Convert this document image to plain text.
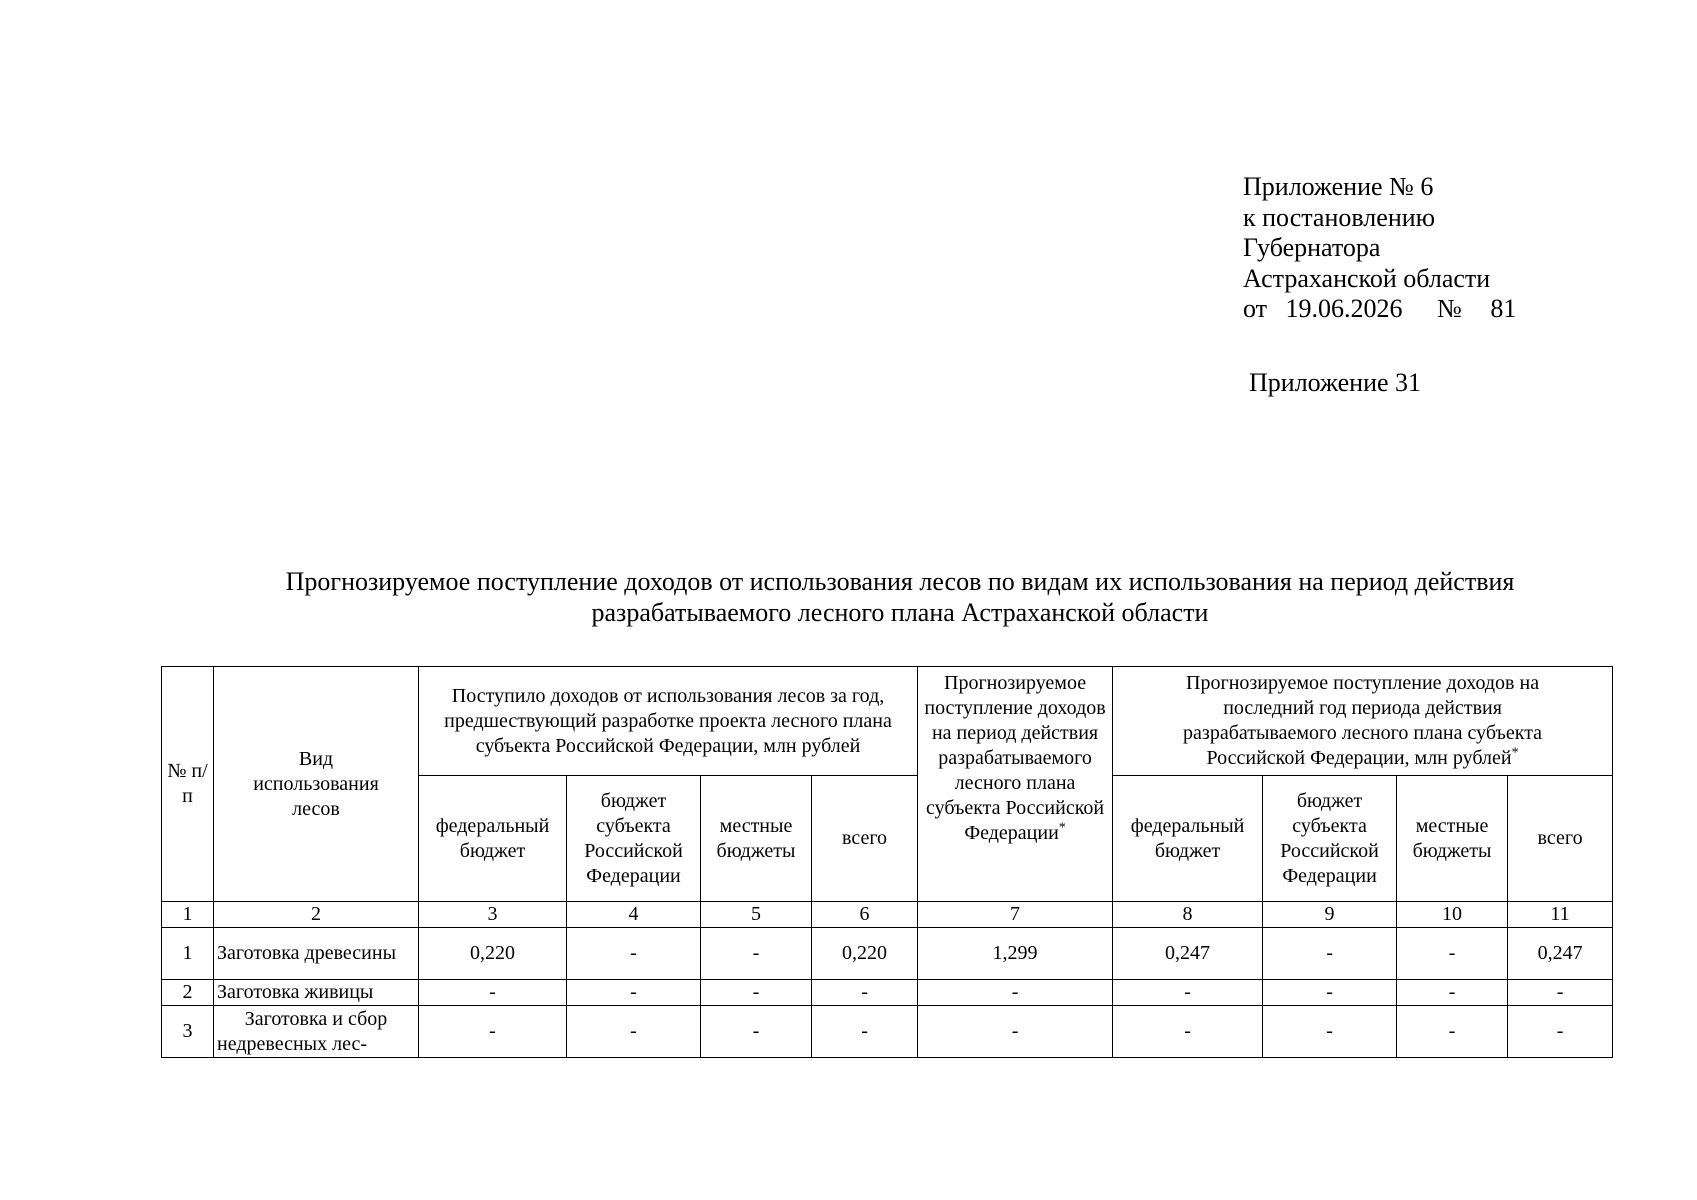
Приложение № 6
к постановлению
Губернатора
Астраханской области
от 19.06.2026 № 81
Приложение 31
Прогнозируемое поступление доходов от использования лесов по видам их использования на период действия
разрабатываемого лесного плана Астраханской области
№ п/п	Вид использования лесов	Поступило доходов от использования лесов за год, предшествующий разработке проекта лесного плана субъекта Российской Федерации, млн рублей				Прогнозируемое поступление доходов на период действия разрабатываемого лесного плана субъекта Российской Федерации*	Прогнозируемое поступление доходов на последний год периода действия разрабатываемого лесного плана субъекта Российской Федерации, млн рублей*
		федеральный бюджет	бюджет субъекта Российской Федерации	местные бюджеты	всего		федеральный бюджет	бюджет субъекта Российской Федерации	местные бюджеты	всего
1	2	3	4	5	6	7	8	9	10	11
1	Заготовка древесины	0,220	-	-	0,220	1,299	0,247	-	-	0,247
2	Заготовка живицы	-	-	-	-	-	-	-	-	-
3	Заготовка и сбор недревесных лес-	-	-	-	-	-	-	-	-	-
